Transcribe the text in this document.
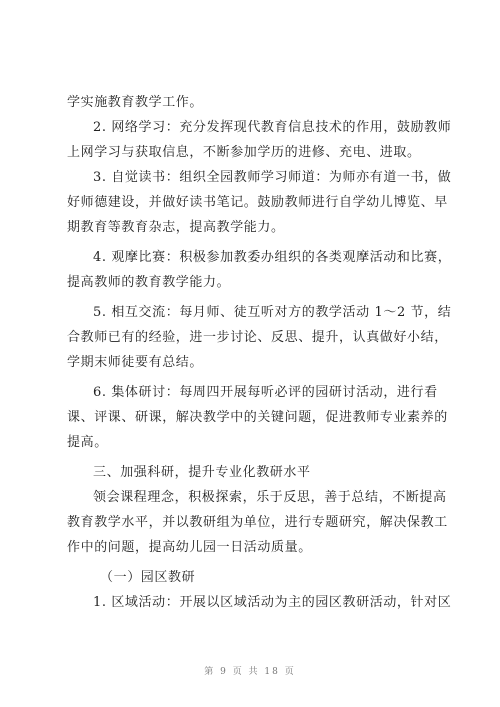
学实施教育教学工作。
2. 网络学习：充分发挥现代教育信息技术的作用，鼓励教师
上网学习与获取信息，不断参加学历的进修、充电、进取。
3. 自觉读书：组织全园教师学习师道：为师亦有道一书，做
好师德建设，并做好读书笔记。鼓励教师进行自学幼儿博览、早
期教育等教育杂志，提高教学能力。
4. 观摩比赛：积极参加教委办组织的各类观摩活动和比赛，
提高教师的教育教学能力。
5. 相互交流：每月师、徒互听对方的教学活动 1～2 节，结
合教师已有的经验，进一步讨论、反思、提升，认真做好小结，
学期末师徒要有总结。
6. 集体研讨：每周四开展每听必评的园研讨活动，进行看
课、评课、研课，解决教学中的关键问题，促进教师专业素养的
提高。
三、加强科研，提升专业化教研水平
领会课程理念，积极探索，乐于反思，善于总结，不断提高
教育教学水平，并以教研组为单位，进行专题研究，解决保教工
作中的问题，提高幼儿园一日活动质量。
（一）园区教研
1. 区域活动：开展以区域活动为主的园区教研活动，针对区
第 9 页 共 18 页
